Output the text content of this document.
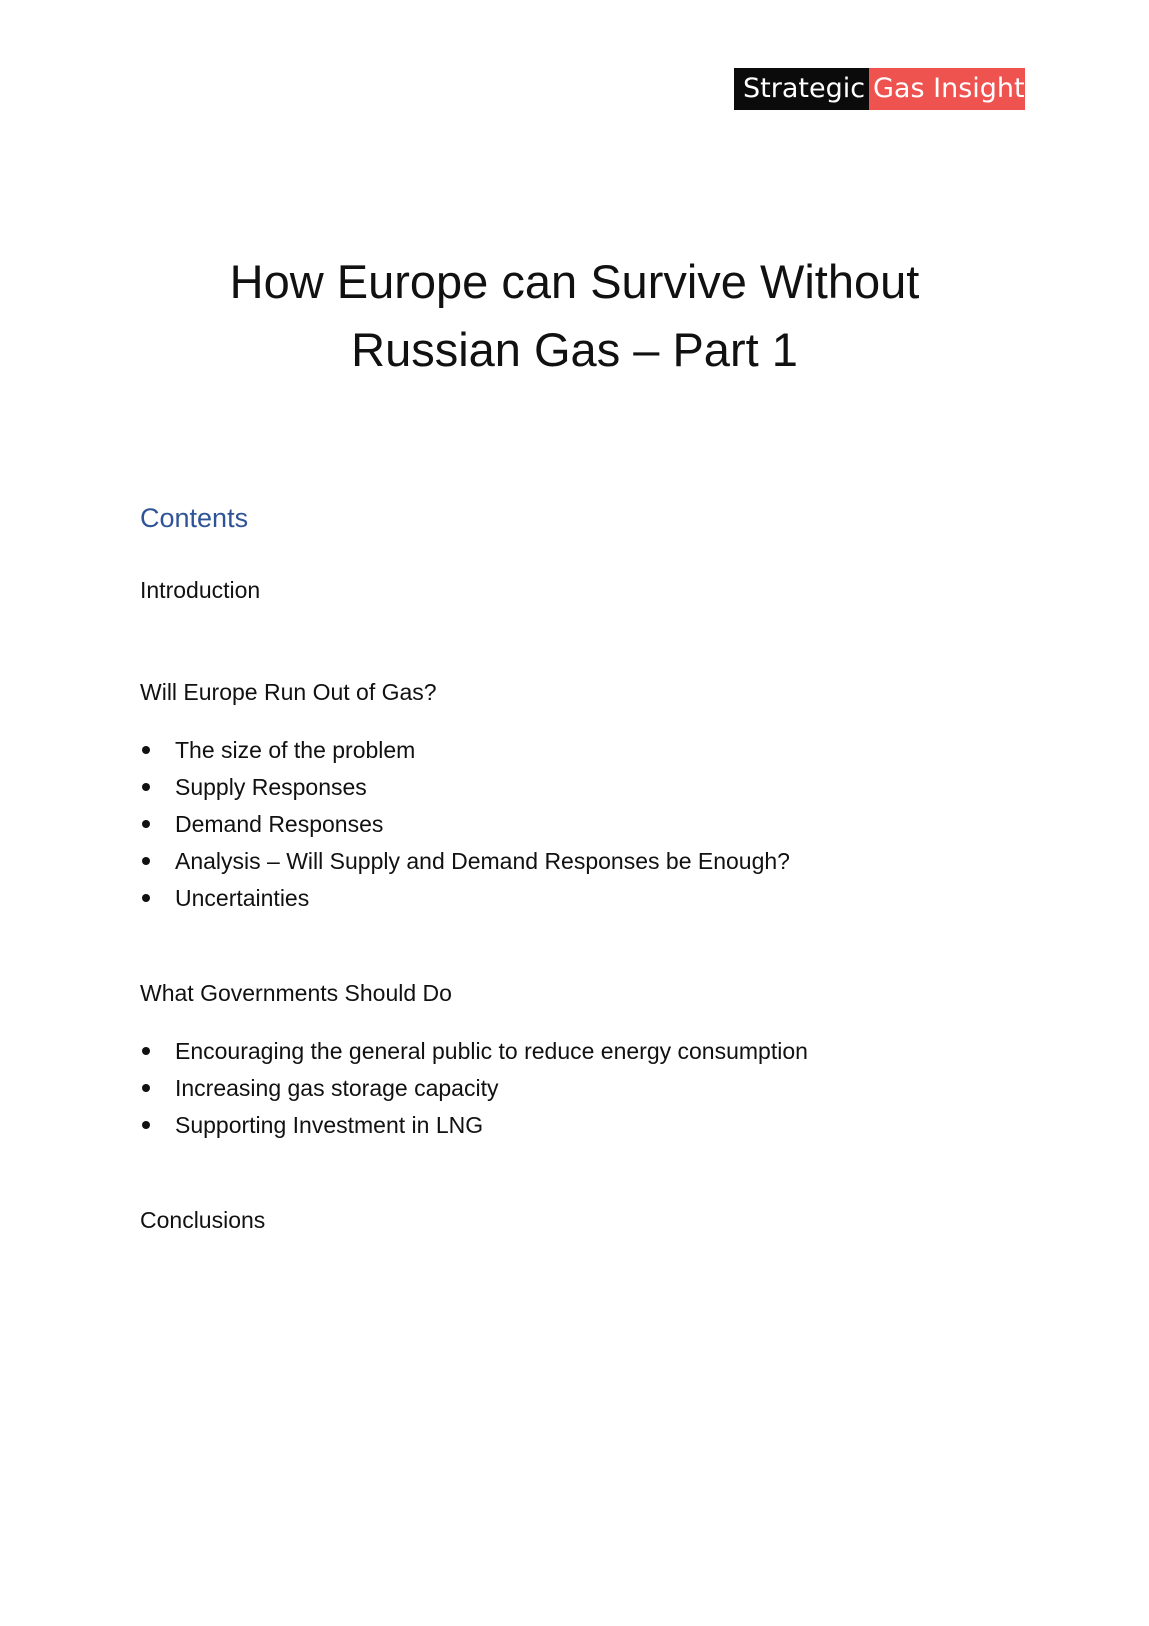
Strategic Gas Insight
How Europe can Survive Without
Russian Gas – Part 1
Contents
Introduction
Will Europe Run Out of Gas?
The size of the problem
Supply Responses
Demand Responses
Analysis – Will Supply and Demand Responses be Enough?
Uncertainties
What Governments Should Do
Encouraging the general public to reduce energy consumption
Increasing gas storage capacity
Supporting Investment in LNG
Conclusions
